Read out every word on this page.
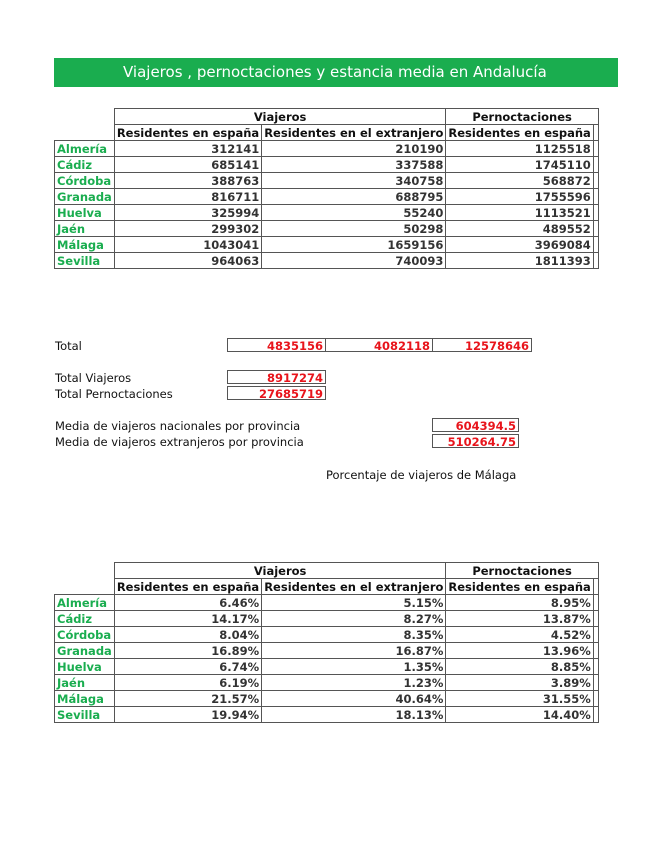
Viajeros , pernoctaciones y estancia media en Andalucía
	Viajeros		Pernoctaciones	
	Residentes en españa	Residentes en el extranjero	Residentes en españa	
Almería	312141	210190	1125518	
Cádiz	685141	337588	1745110	
Córdoba	388763	340758	568872	
Granada	816711	688795	1755596	
Huelva	325994	55240	1113521	
Jaén	299302	50298	489552	
Málaga	1043041	1659156	3969084	
Sevilla	964063	740093	1811393	
Total	4835156	4082118	12578646
Total Viajeros	8917274
Total Pernoctaciones	27685719
Media de viajeros nacionales por provincia	604394.5
Media de viajeros extranjeros por provincia	510264.75
Porcentaje de viajeros de Málaga
	Viajeros		Pernoctaciones	
	Residentes en españa	Residentes en el extranjero	Residentes en españa	
Almería	6.46%	5.15%	8.95%	
Cádiz	14.17%	8.27%	13.87%	
Córdoba	8.04%	8.35%	4.52%	
Granada	16.89%	16.87%	13.96%	
Huelva	6.74%	1.35%	8.85%	
Jaén	6.19%	1.23%	3.89%	
Málaga	21.57%	40.64%	31.55%	
Sevilla	19.94%	18.13%	14.40%	
